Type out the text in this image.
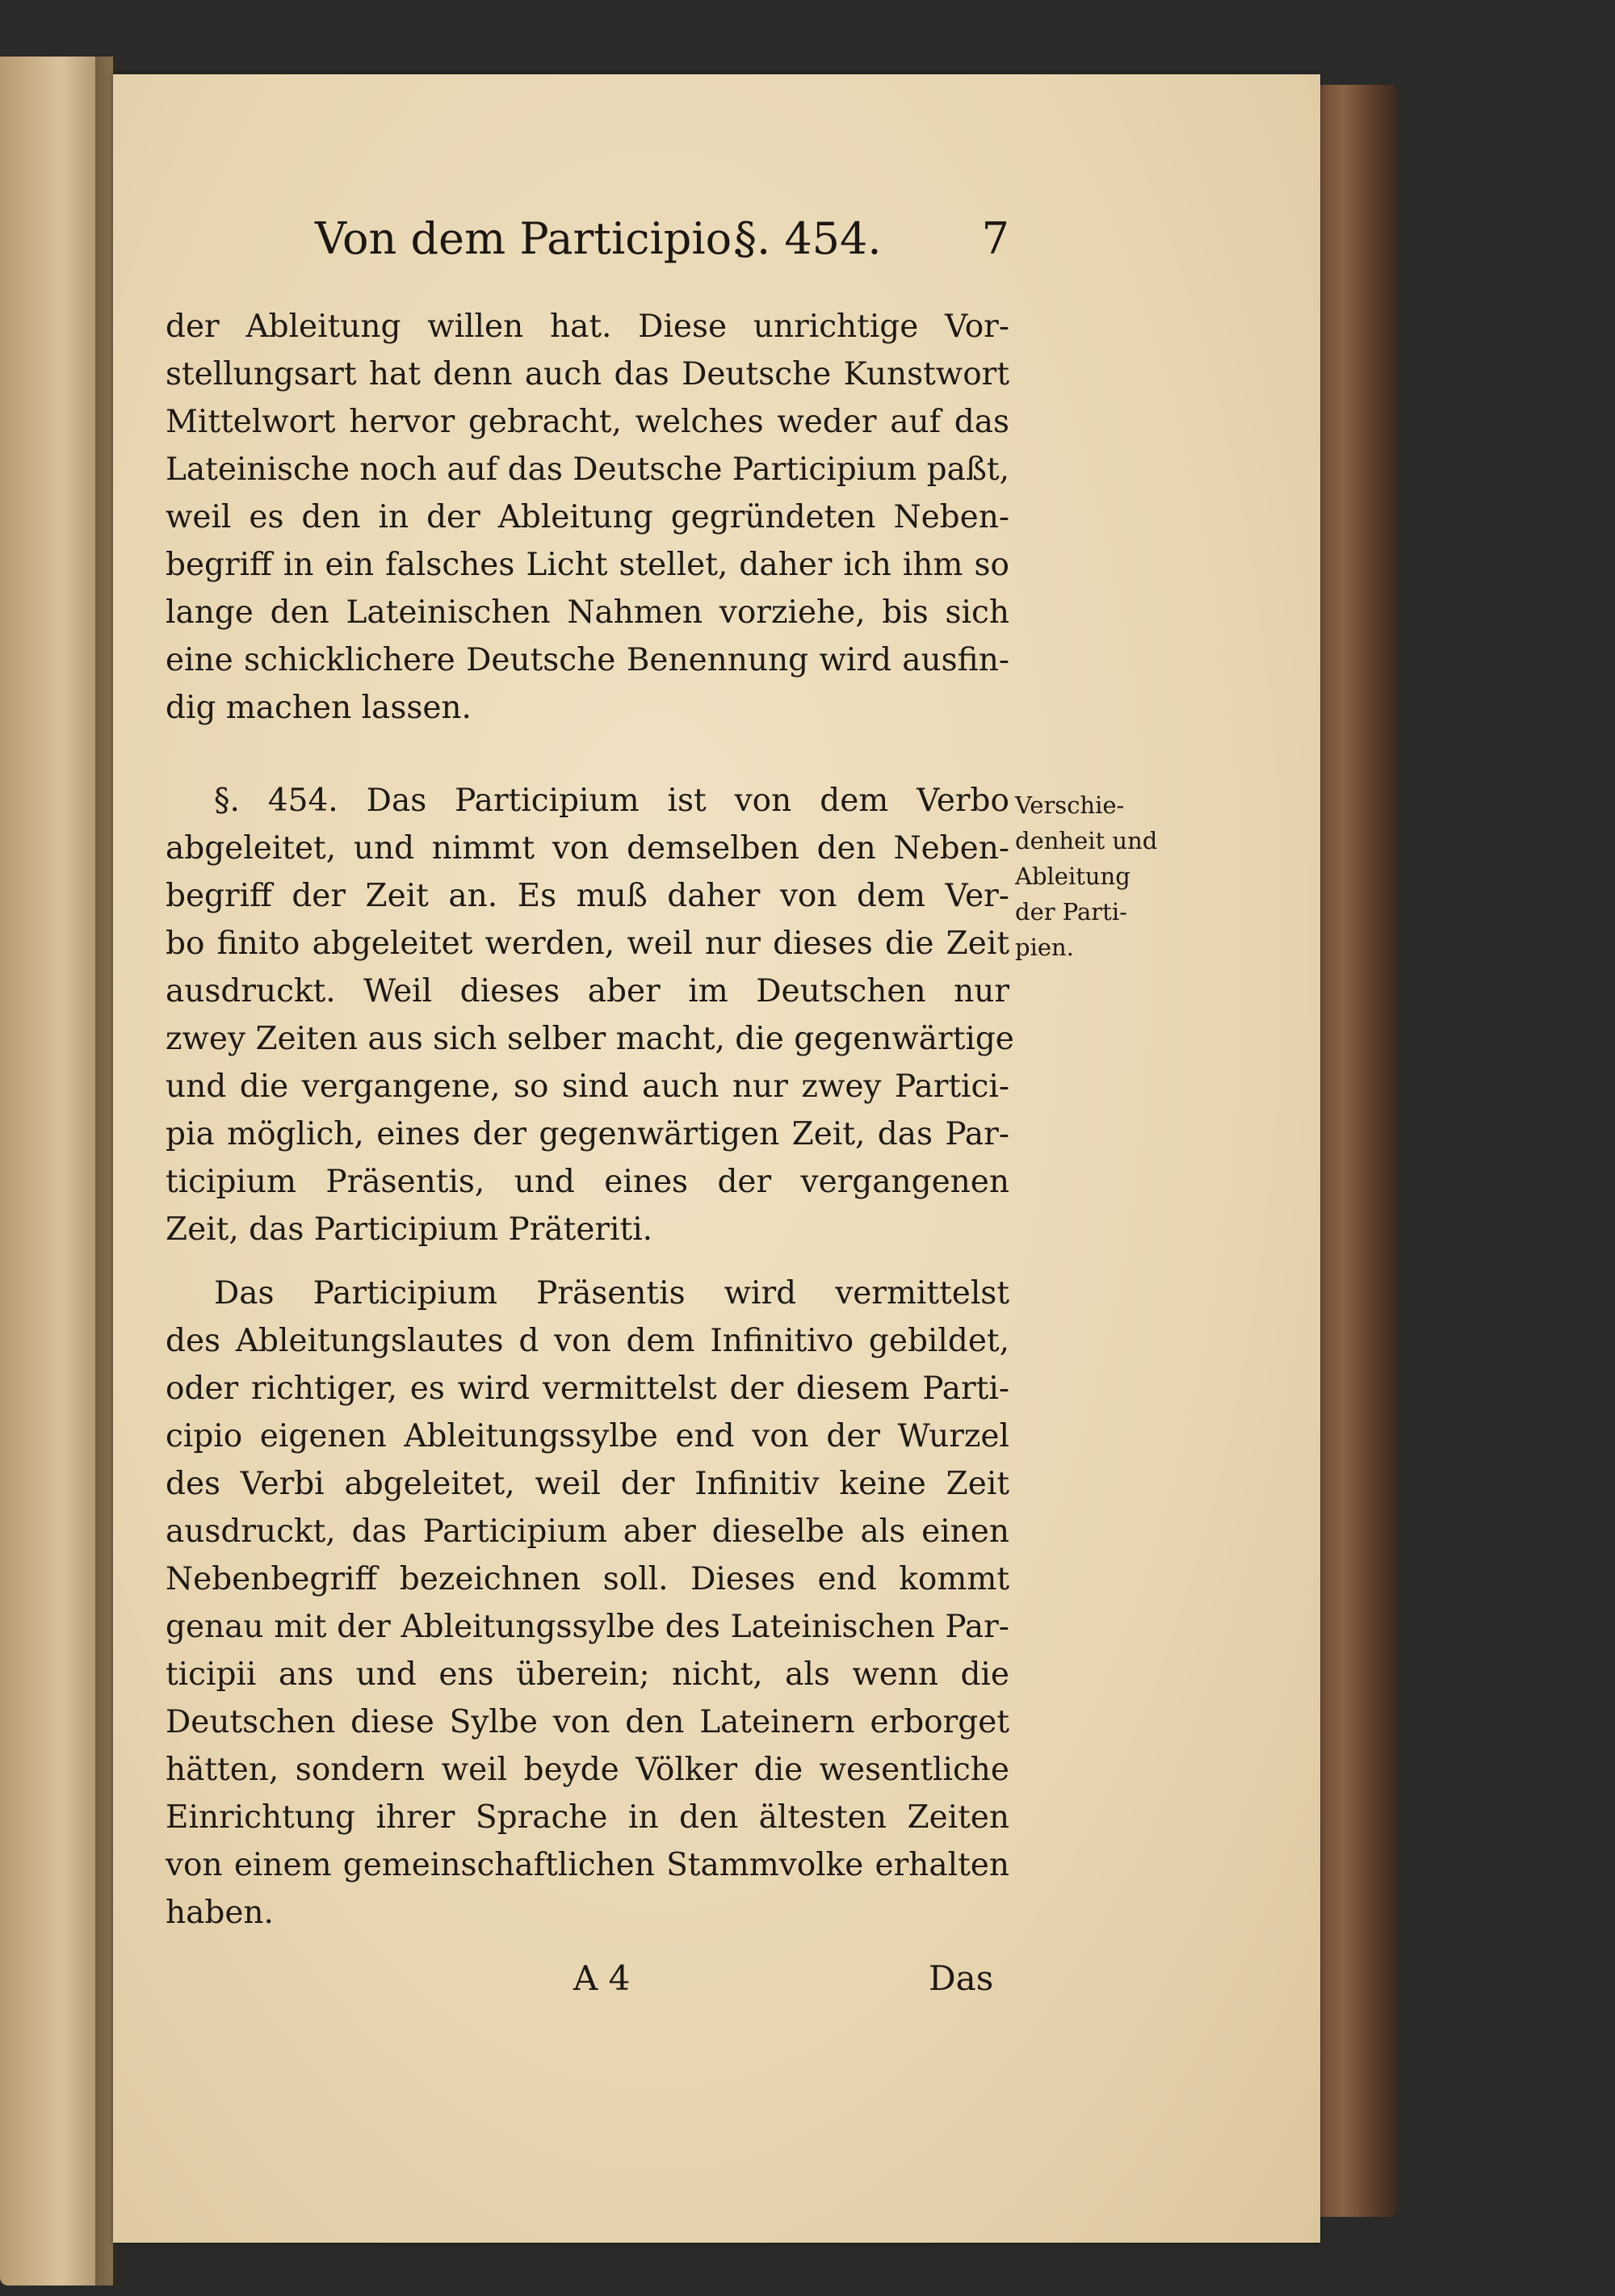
Von dem Participio.
§. 454. 7
der Ableitung willen hat. Diese unrichtige Vor-
stellungsart hat denn auch das Deutsche Kunstwort
Mittelwort hervor gebracht, welches weder auf das
Lateinische noch auf das Deutsche Participium paßt,
weil es den in der Ableitung gegründeten Neben-
begriff in ein falsches Licht stellet, daher ich ihm so
lange den Lateinischen Nahmen vorziehe, bis sich
eine schicklichere Deutsche Benennung wird ausfin-
dig machen lassen.
§. 454. Das Participium ist von dem Verbo
abgeleitet, und nimmt von demselben den Neben-
begriff der Zeit an. Es muß daher von dem Ver-
bo finito abgeleitet werden, weil nur dieses die Zeit
ausdruckt. Weil dieses aber im Deutschen nur
zwey Zeiten aus sich selber macht, die gegenwärtige
und die vergangene, so sind auch nur zwey Partici-
pia möglich, eines der gegenwärtigen Zeit, das Par-
ticipium Präsentis, und eines der vergangenen
Zeit, das Participium Präteriti.
Verschie-
denheit und
Ableitung
der Parti-
pien.
Das Participium Präsentis wird vermittelst
des Ableitungslautes d von dem Infinitivo gebildet,
oder richtiger, es wird vermittelst der diesem Parti-
cipio eigenen Ableitungssylbe end von der Wurzel
des Verbi abgeleitet, weil der Infinitiv keine Zeit
ausdruckt, das Participium aber dieselbe als einen
Nebenbegriff bezeichnen soll. Dieses end kommt
genau mit der Ableitungssylbe des Lateinischen Par-
ticipii ans und ens überein; nicht, als wenn die
Deutschen diese Sylbe von den Lateinern erborget
hätten, sondern weil beyde Völker die wesentliche
Einrichtung ihrer Sprache in den ältesten Zeiten
von einem gemeinschaftlichen Stammvolke erhalten
haben.
A 4	Das
